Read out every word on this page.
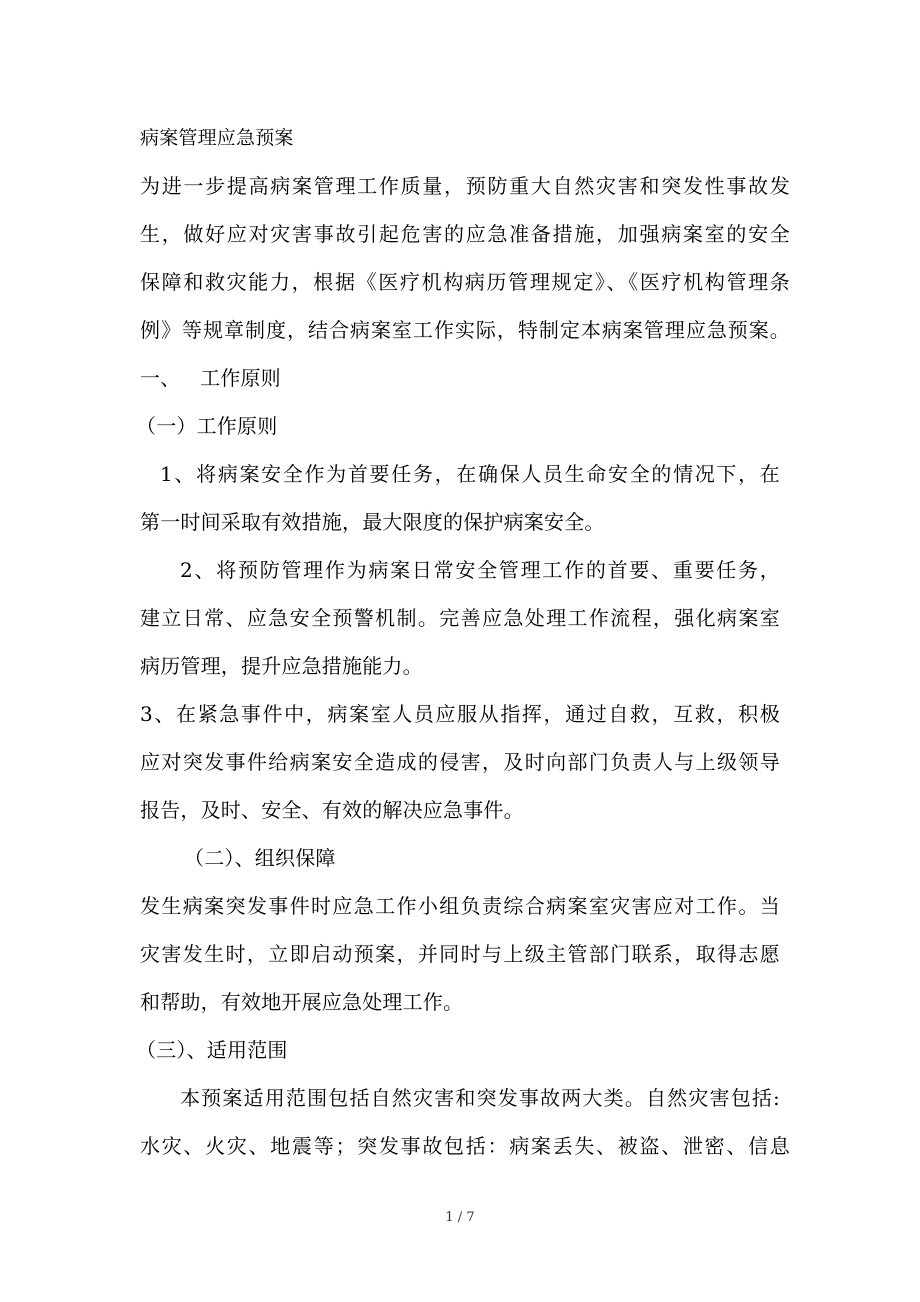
病案管理应急预案
为进一步提高病案管理工作质量，预防重大自然灾害和突发性事故发
生，做好应对灾害事故引起危害的应急准备措施，加强病案室的安全
保障和救灾能力，根据《医疗机构病历管理规定》、《医疗机构管理条
例》等规章制度，结合病案室工作实际，特制定本病案管理应急预案。
一、   工作原则
（一）工作原则
1、将病案安全作为首要任务，在确保人员生命安全的情况下，在
第一时间采取有效措施，最大限度的保护病案安全。
2、将预防管理作为病案日常安全管理工作的首要、重要任务，
建立日常、应急安全预警机制。完善应急处理工作流程，强化病案室
病历管理，提升应急措施能力。
3、在紧急事件中，病案室人员应服从指挥，通过自救，互救，积极
应对突发事件给病案安全造成的侵害，及时向部门负责人与上级领导
报告，及时、安全、有效的解决应急事件。
（二）、组织保障
发生病案突发事件时应急工作小组负责综合病案室灾害应对工作。当
灾害发生时，立即启动预案，并同时与上级主管部门联系，取得志愿
和帮助，有效地开展应急处理工作。
（三）、适用范围
本预案适用范围包括自然灾害和突发事故两大类。自然灾害包括:
水灾、火灾、地震等；突发事故包括：病案丢失、被盗、泄密、信息
1 / 7
